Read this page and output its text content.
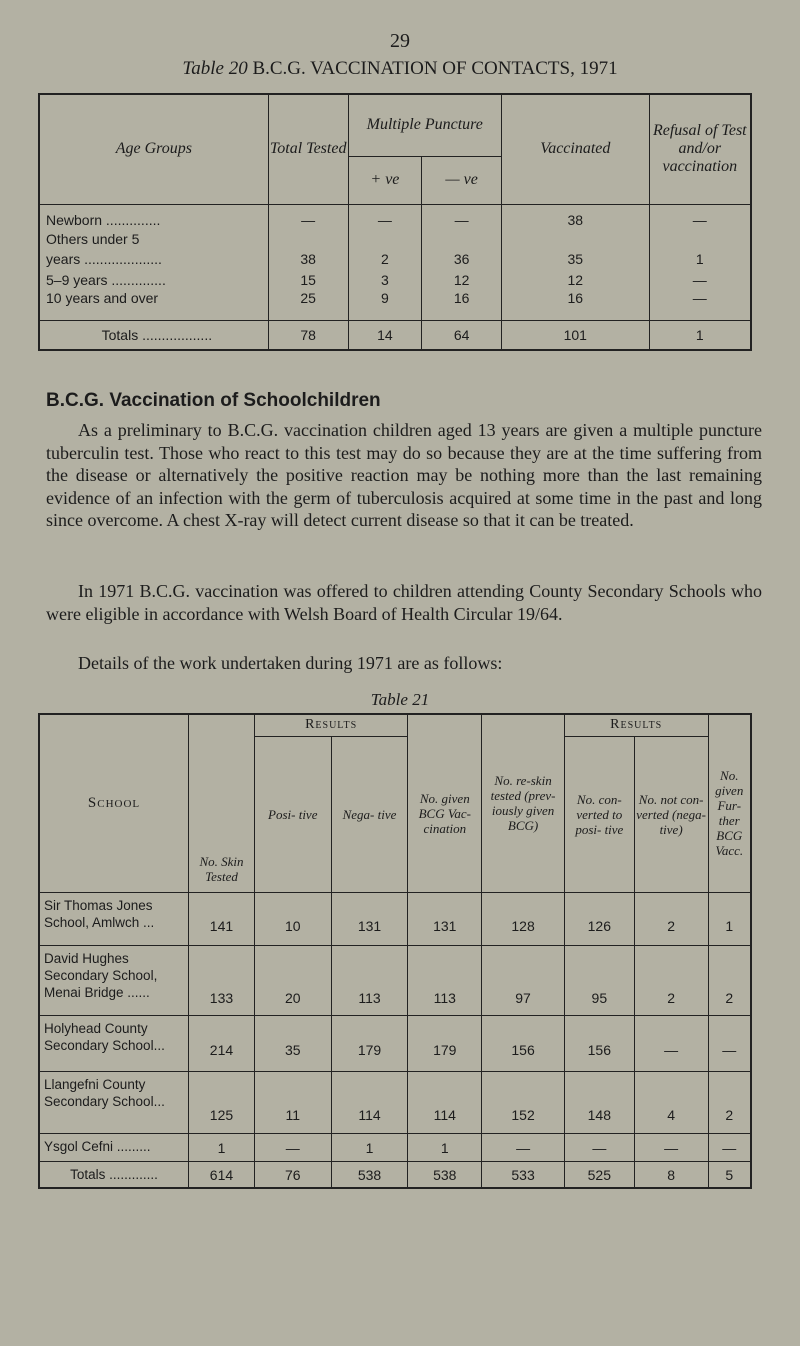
29
Table 20 B.C.G. VACCINATION OF CONTACTS, 1971
Age Groups	Total Tested	Multiple Puncture		Vaccinated	Refusal of Test and/or vaccination
		+ ve	— ve		
Newborn ..............	—	—	—	38	—
Others under 5					
years ....................	38	2	36	35	1
5–9 years ..............	15	3	12	12	—
10 years and over	25	9	16	16	—
Totals ..................	78	14	64	101	1
B.C.G. Vaccination of Schoolchildren

As a preliminary to B.C.G. vaccination children aged 13 years are given a multiple puncture tuberculin test. Those who react to this test may do so because they are at the time suffering from the disease or alternatively the positive reaction may be nothing more than the last remaining evidence of an infection with the germ of tuberculosis acquired at some time in the past and long since overcome. A chest X-ray will detect current disease so that it can be treated.

In 1971 B.C.G. vaccination was offered to children attending County Secondary Schools who were eligible in accordance with Welsh Board of Health Circular 19/64.

Details of the work undertaken during 1971 are as follows:

Table 21
School	No. Skin Tested	Results		No. given BCG Vac- cination	No. re-skin tested (prev- iously given BCG)	Results		No. given Fur- ther BCG Vacc.
		Posi- tive	Nega- tive			No. con- verted to posi- tive	No. not con- verted (nega- tive)	
Sir Thomas Jones School, Amlwch ...	141	10	131	131	128	126	2	1
David Hughes Secondary School, Menai Bridge ......	133	20	113	113	97	95	2	2
Holyhead County Secondary School...	214	35	179	179	156	156	—	—
Llangefni County Secondary School...	125	11	114	114	152	148	4	2
Ysgol Cefni .........	1	—	1	1	—	—	—	—
Totals .............	614	76	538	538	533	525	8	5
